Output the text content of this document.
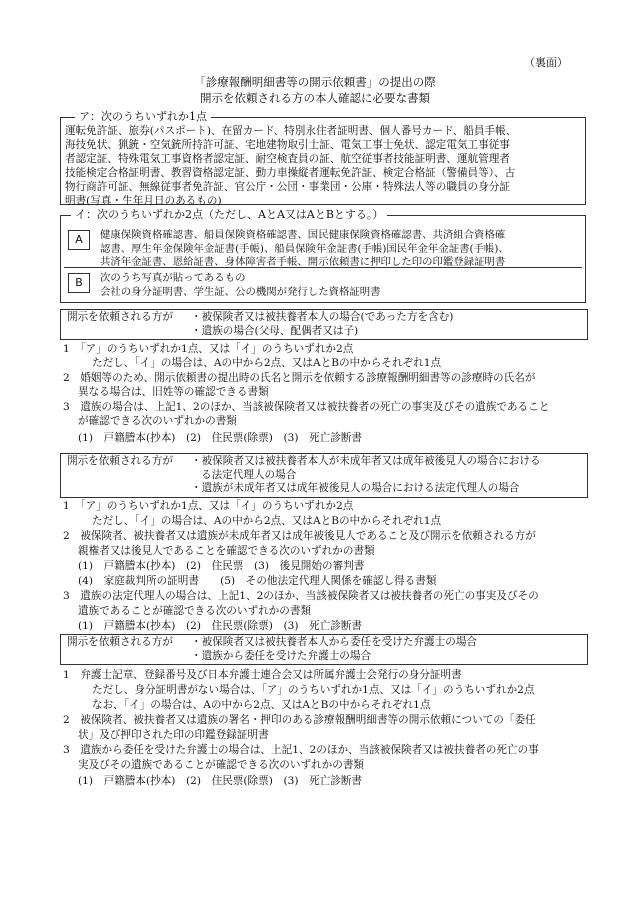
（裏面）
「診療報酬明細書等の開示依頼書」の提出の際
開示を依頼される方の本人確認に必要な書類
ア：次のうちいずれか1点
運転免許証、旅券(パスポート)、在留カード、特別永住者証明書、個人番号カード、船員手帳、
海技免状、猟銃・空気銃所持許可証、宅地建物取引士証、電気工事士免状、認定電気工事従事
者認定証、特殊電気工事資格者認定証、耐空検査員の証、航空従事者技能証明書、運航管理者
技能検定合格証明書、教習資格認定証、動力車操縦者運転免許証、検定合格証（警備員等）、古
物行商許可証、無線従事者免許証、官公庁・公団・事業団・公庫・特殊法人等の職員の身分証
明書(写真・生年月日のあるもの)
イ：次のうちいずれか2点（ただし、AとA又はAとBとする。）
A	健康保険資格確認書、船員保険資格確認書、国民健康保険資格確認書、共済組合資格確
認書、厚生年金保険年金証書(手帳)、船員保険年金証書(手帳)国民年金年金証書(手帳)、
共済年金証書、恩給証書、身体障害者手帳、開示依頼書に押印した印の印鑑登録証明書
B	次のうち写真が貼ってあるもの
会社の身分証明書、学生証、公の機関が発行した資格証明書
開示を依頼される方が ・被保険者又は被扶養者本人の場合(であった方を含む)
・遺族の場合(父母、配偶者又は子)
1　「ア」のうちいずれか1点、又は「イ」のうちいずれか2点
ただし、「イ」の場合は、Aの中から2点、又はAとBの中からそれぞれ1点
2　婚姻等のため、開示依頼書の提出時の氏名と開示を依頼する診療報酬明細書等の診療時の氏名が
異なる場合は、旧姓等の確認できる書類
3　遺族の場合は、上記1、2のほか、当該被保険者又は被扶養者の死亡の事実及びその遺族であること
が確認できる次のいずれかの書類
(1)　戸籍謄本(抄本)　(2)　住民票(除票)　(3)　死亡診断書
開示を依頼される方が ・被保険者又は被扶養者本人が未成年者又は成年被後見人の場合における
る法定代理人の場合
・遺族が未成年者又は成年被後見人の場合における法定代理人の場合
1　「ア」のうちいずれか1点、又は「イ」のうちいずれか2点
ただし、「イ」の場合は、Aの中から2点、又はAとBの中からそれぞれ1点
2　被保険者、被扶養者又は遺族が未成年者又は成年被後見人であること及び開示を依頼される方が
親権者又は後見人であることを確認できる次のいずれかの書類
(1)　戸籍謄本(抄本)　(2)　住民票　(3)　後見開始の審判書
(4)　家庭裁判所の証明書　　(5)　その他法定代理人関係を確認し得る書類
3　遺族の法定代理人の場合は、上記1、2のほか、当該被保険者又は被扶養者の死亡の事実及びその
遺族であることが確認できる次のいずれかの書類
(1)　戸籍謄本(抄本)　(2)　住民票(除票)　(3)　死亡診断書
開示を依頼される方が ・被保険者又は被扶養者本人から委任を受けた弁護士の場合
・遺族から委任を受けた弁護士の場合
1　弁護士記章、登録番号及び日本弁護士連合会又は所属弁護士会発行の身分証明書
ただし、身分証明書がない場合は、「ア」のうちいずれか1点、又は「イ」のうちいずれか2点
なお、「イ」の場合は、Aの中から2点、又はAとBの中からそれぞれ1点
2　被保険者、被扶養者又は遺族の署名・押印のある診療報酬明細書等の開示依頼についての「委任
状」及び押印された印の印鑑登録証明書
3　遺族から委任を受けた弁護士の場合は、上記1、2のほか、当該被保険者又は被扶養者の死亡の事
実及びその遺族であることが確認できる次のいずれかの書類
(1)　戸籍謄本(抄本)　(2)　住民票(除票)　(3)　死亡診断書
